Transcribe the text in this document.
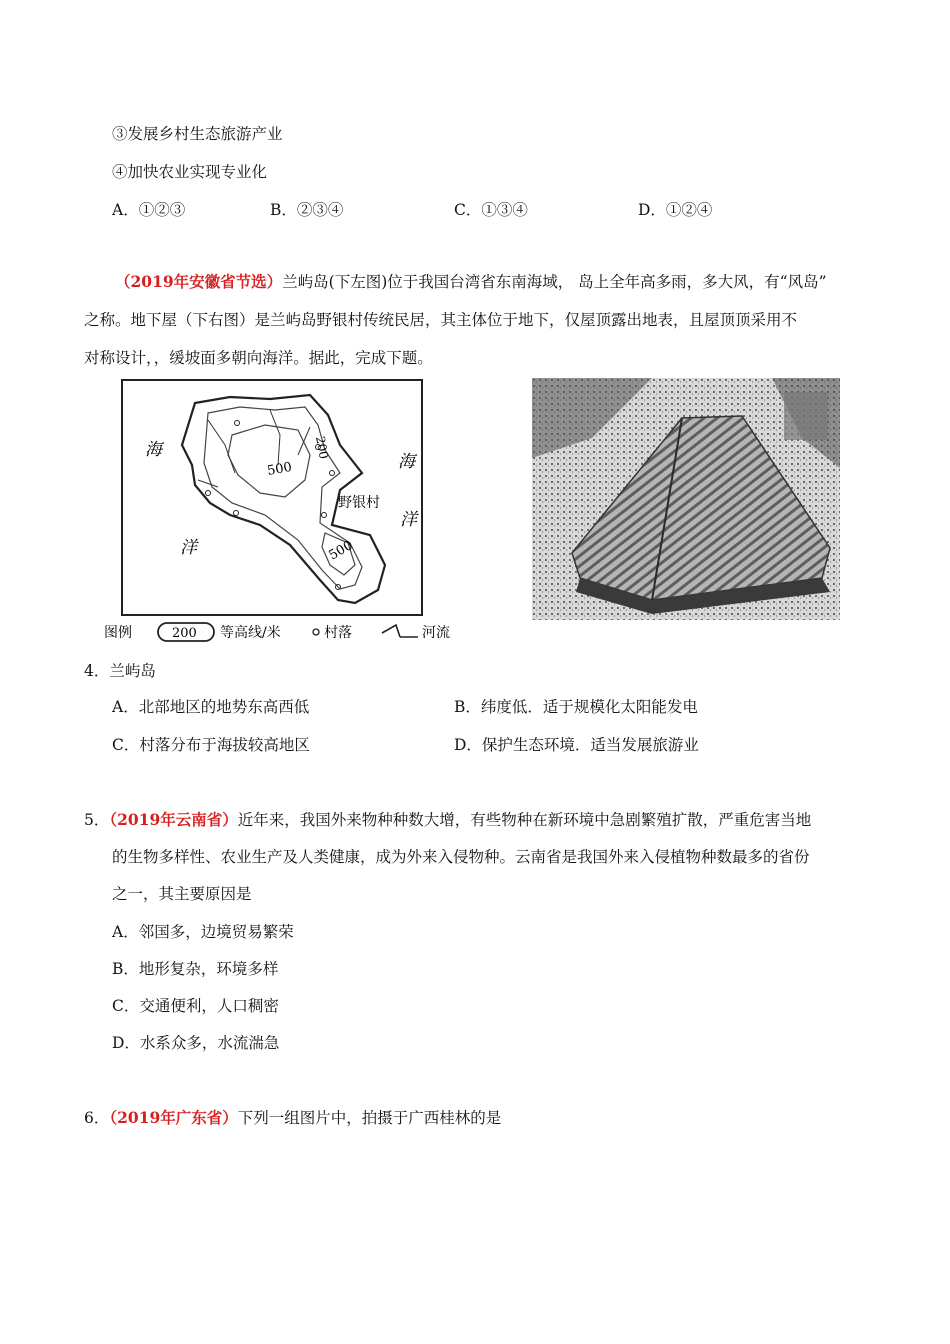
③发展乡村生态旅游产业
④加快农业实现专业化
A．①②③	B．②③④	C．①③④	D．①②④
（2019年安徽省节选）兰屿岛(下左图)位于我国台湾省东南海域， 岛上全年高多雨，多大风，有“风岛”
之称。地下屋（下右图）是兰屿岛野银村传统民居，其主体位于地下，仅屋顶露出地表，且屋顶顶采用不
对称设计，，缓坡面多朝向海洋。据此，完成下题。
海
洋
海
洋
500
500
200
野银村
图例	200 等高线/米	村落	河流
4．兰屿岛
A．北部地区的地势东高西低	B．纬度低．适于规模化太阳能发电
C．村落分布于海拔较高地区	D．保护生态环境．适当发展旅游业
5．（2019年云南省）近年来，我国外来物种种数大增，有些物种在新环境中急剧繁殖扩散，严重危害当地
的生物多样性、农业生产及人类健康，成为外来入侵物种。云南省是我国外来入侵植物种数最多的省份
之一，其主要原因是
A．邻国多，边境贸易繁荣
B．地形复杂，环境多样
C．交通便利，人口稠密
D．水系众多，水流湍急
6．（2019年广东省）下列一组图片中，拍摄于广西桂林的是
